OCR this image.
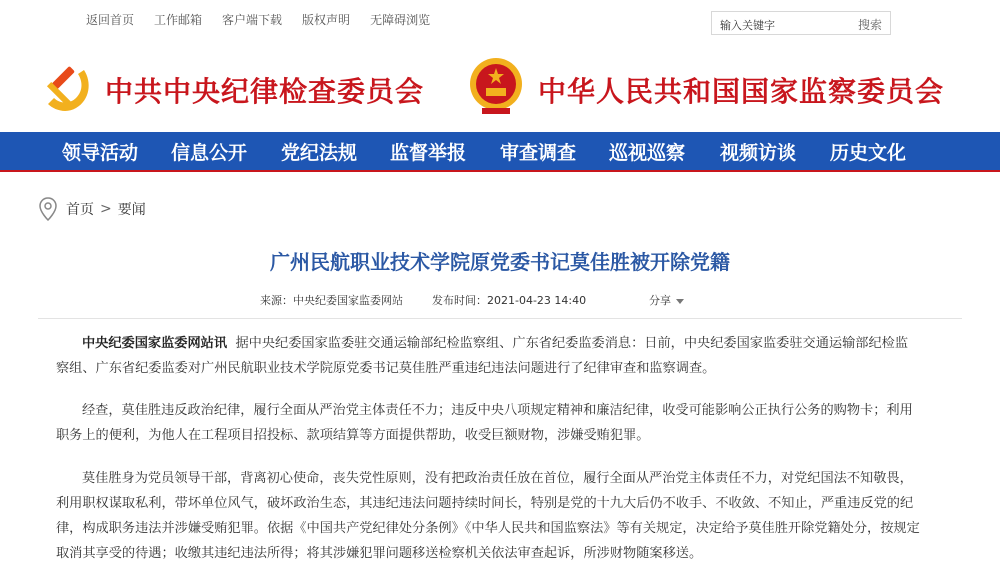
返回首页 工作邮箱 客户端下载 版权声明 无障碍浏览	输入关键字	搜索
中共中央纪律检查委员会	中华人民共和国国家监察委员会
领导活动 信息公开 党纪法规 监督举报 审查调查 巡视巡察 视频访谈 历史文化
首页 > 要闻
广州民航职业技术学院原党委书记莫佳胜被开除党籍
来源：中央纪委国家监委网站	发布时间：2021-04-23 14:40	分享
中央纪委国家监委网站讯 据中央纪委国家监委驻交通运输部纪检监察组、广东省纪委监委消息：日前，中央纪委国家监委驻交通运输部纪检监察组、广东省纪委监委对广州民航职业技术学院原党委书记莫佳胜严重违纪违法问题进行了纪律审查和监察调查。
经查，莫佳胜违反政治纪律，履行全面从严治党主体责任不力；违反中央八项规定精神和廉洁纪律，收受可能影响公正执行公务的购物卡；利用职务上的便利，为他人在工程项目招投标、款项结算等方面提供帮助，收受巨额财物，涉嫌受贿犯罪。
莫佳胜身为党员领导干部，背离初心使命，丧失党性原则，没有把政治责任放在首位，履行全面从严治党主体责任不力，对党纪国法不知敬畏，利用职权谋取私利，带坏单位风气，破坏政治生态，其违纪违法问题持续时间长，特别是党的十九大后仍不收手、不收敛、不知止，严重违反党的纪律，构成职务违法并涉嫌受贿犯罪。依据《中国共产党纪律处分条例》《中华人民共和国监察法》等有关规定，决定给予莫佳胜开除党籍处分，按规定取消其享受的待遇；收缴其违纪违法所得；将其涉嫌犯罪问题移送检察机关依法审查起诉，所涉财物随案移送。
